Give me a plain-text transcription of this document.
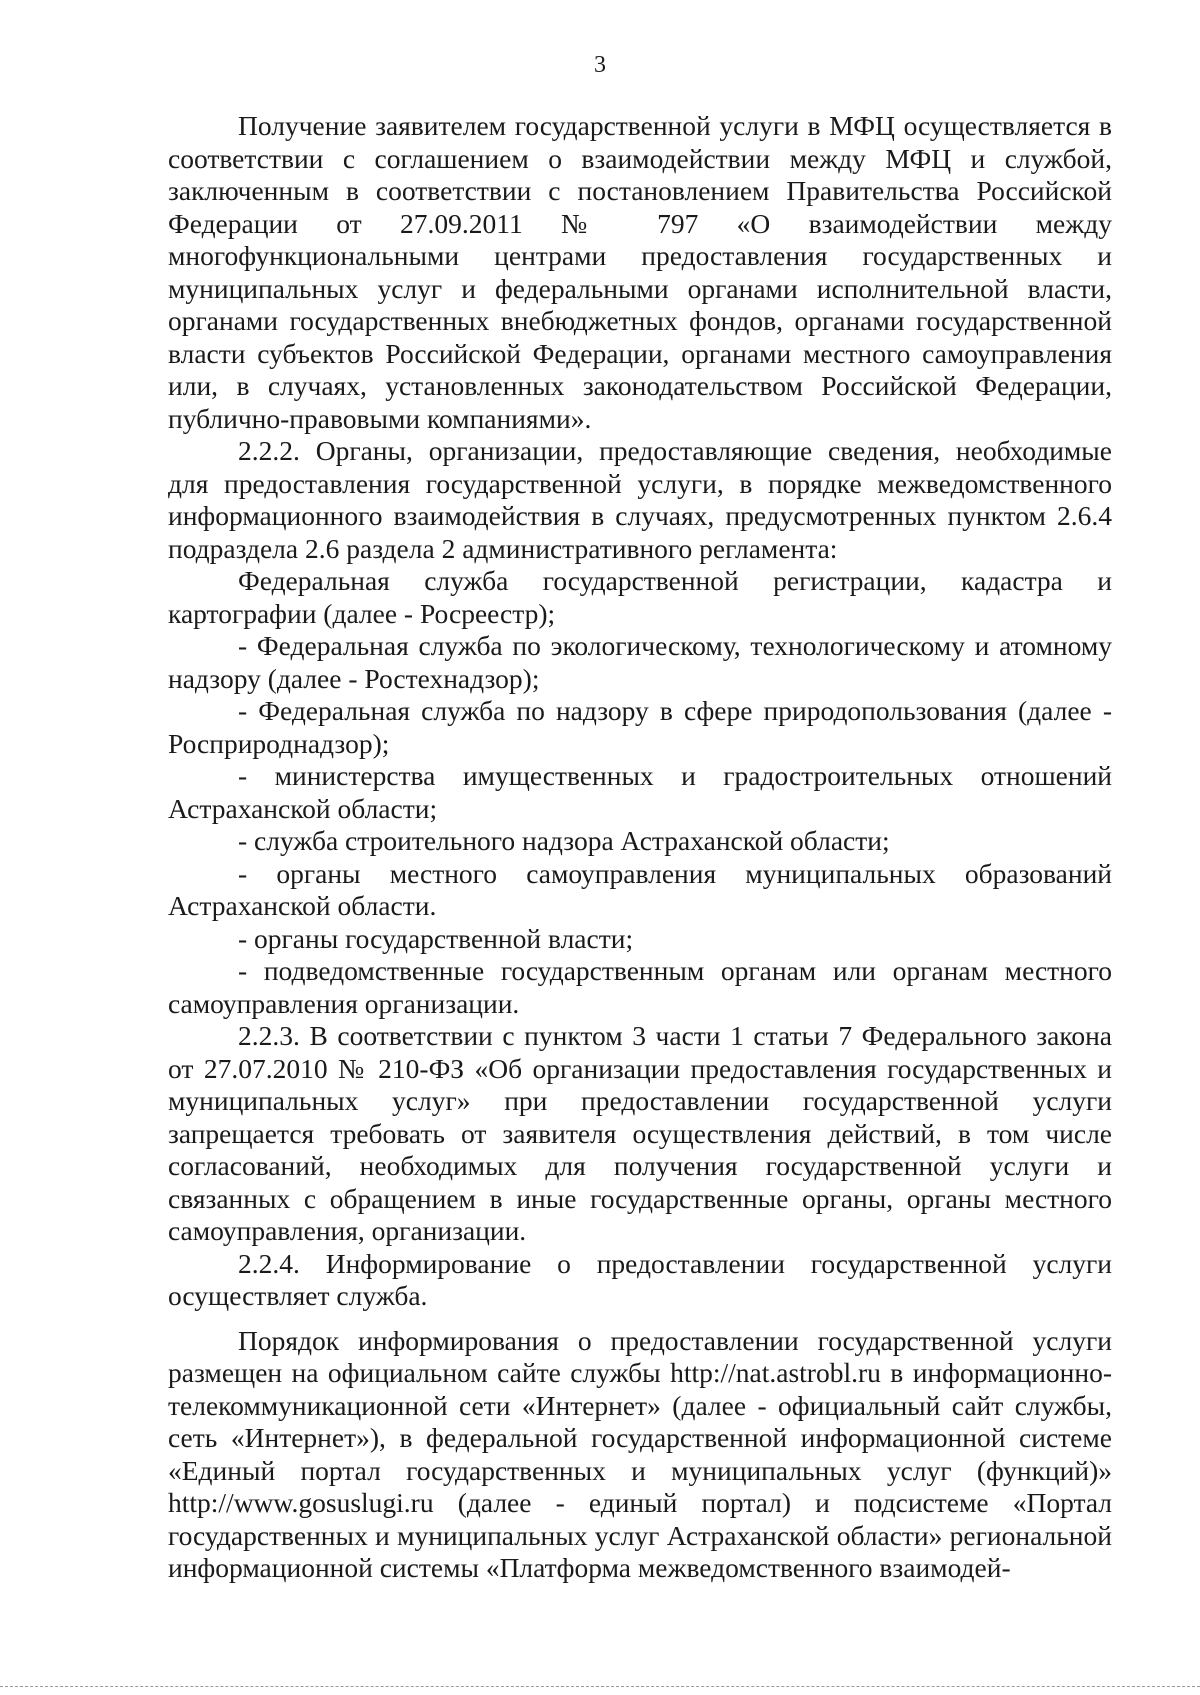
3

Получение заявителем государственной услуги в МФЦ осуществляется в соответствии с соглашением о взаимодействии между МФЦ и службой, заключенным в соответствии с постановлением Правительства Российской Федерации от 27.09.2011 № 797 «О взаимодействии между многофункциональными центрами предоставления государственных и муниципальных услуг и федеральными органами исполнительной власти, органами государственных внебюджетных фондов, органами государственной власти субъектов Российской Федерации, органами местного самоуправления или, в случаях, установленных законодательством Российской Федерации, публично-правовыми компаниями».

2.2.2. Органы, организации, предоставляющие сведения, необходимые для предоставления государственной услуги, в порядке межведомственного информационного взаимодействия в случаях, предусмотренных пунктом 2.6.4 подраздела 2.6 раздела 2 административного регламента:

Федеральная служба государственной регистрации, кадастра и картографии (далее - Росреестр);

- Федеральная служба по экологическому, технологическому и атомному надзору (далее - Ростехнадзор);

- Федеральная служба по надзору в сфере природопользования (далее - Росприроднадзор);

- министерства имущественных и градостроительных отношений Астраханской области;

- служба строительного надзора Астраханской области;

- органы местного самоуправления муниципальных образований Астраханской области.

- органы государственной власти;

- подведомственные государственным органам или органам местного самоуправления организации.

2.2.3. В соответствии с пунктом 3 части 1 статьи 7 Федерального закона от 27.07.2010 № 210-ФЗ «Об организации предоставления государственных и муниципальных услуг» при предоставлении государственной услуги запрещается требовать от заявителя осуществления действий, в том числе согласований, необходимых для получения государственной услуги и связанных с обращением в иные государственные органы, органы местного самоуправления, организации.

2.2.4. Информирование о предоставлении государственной услуги осуществляет служба.

Порядок информирования о предоставлении государственной услуги размещен на официальном сайте службы http://nat.astrobl.ru в информационно-телекоммуникационной сети «Интернет» (далее - официальный сайт службы, сеть «Интернет»), в федеральной государственной информационной системе «Единый портал государственных и муниципальных услуг (функций)» http://www.gosuslugi.ru (далее - единый портал) и подсистеме «Портал государственных и муниципальных услуг Астраханской области» региональной информационной системы «Платформа межведомственного взаимодей-
